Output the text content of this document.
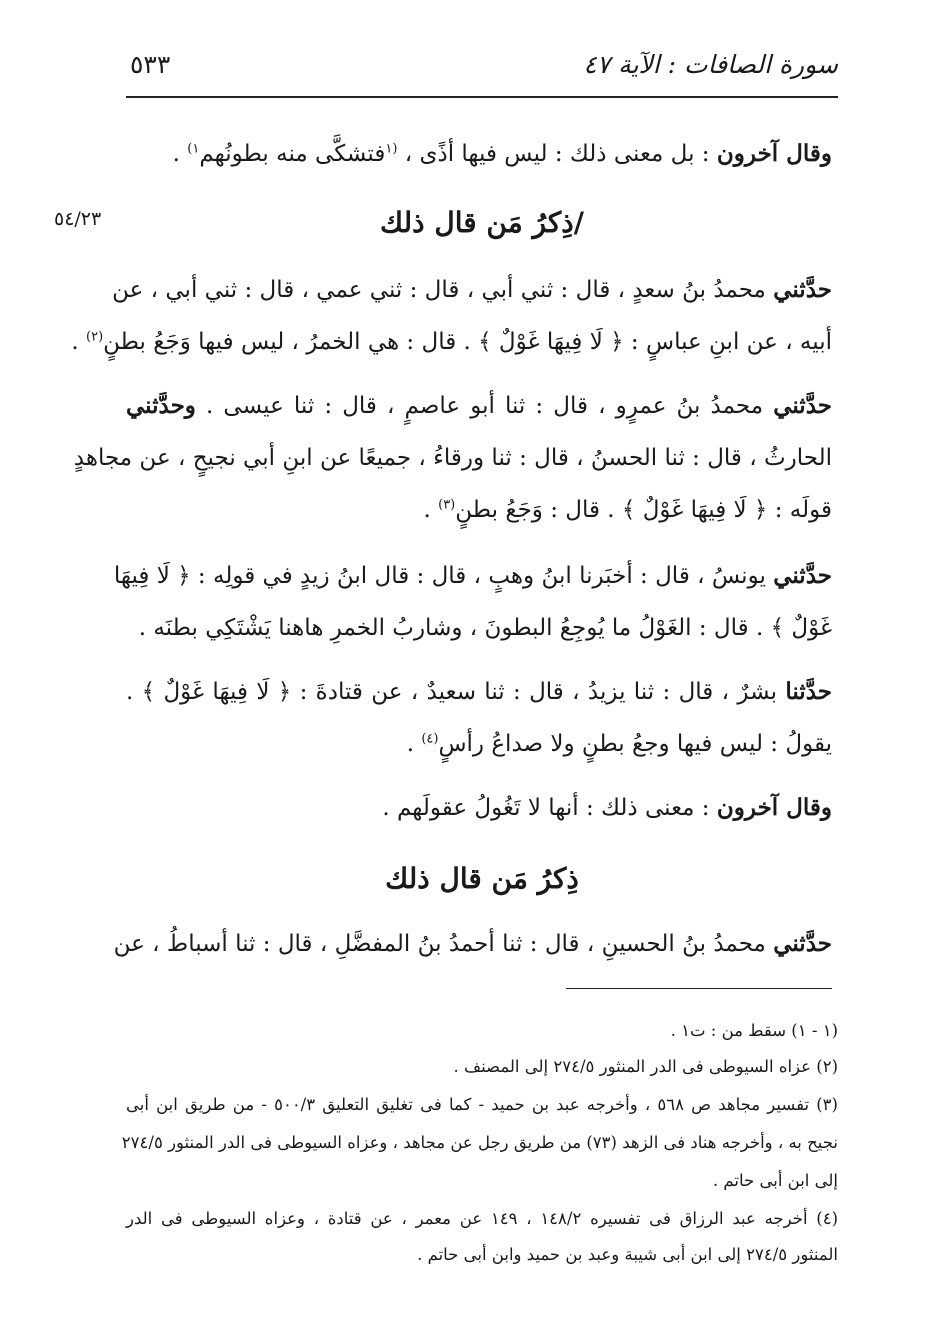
سورة الصافات : الآية ٤٧
٥٣٣
٥٤/٢٣
وقال آخرون : بل معنى ذلك : ليس فيها أذًى ، $^{(١}$فتشكَّى منه بطونُهم$^{١)}$ .
/ذِكرُ مَن قال ذلك
حدَّثني محمدُ بنُ سعدٍ ، قال : ثني أبي ، قال : ثني عمي ، قال : ثني أبي ، عن
أبيه ، عن ابنِ عباسٍ : ﴿ لَا فِيهَا غَوْلٌ ﴾ . قال : هي الخمرُ ، ليس فيها وَجَعُ بطنٍ$^{(٢)}$ .
حدَّثني محمدُ بنُ عمرٍو ، قال : ثنا أبو عاصمٍ ، قال : ثنا عيسى . وحدَّثني
الحارثُ ، قال : ثنا الحسنُ ، قال : ثنا ورقاءُ ، جميعًا عن ابنِ أبي نجيحٍ ، عن مجاهدٍ
قولَه : ﴿ لَا فِيهَا غَوْلٌ ﴾ . قال : وَجَعُ بطنٍ$^{(٣)}$ .
حدَّثني يونسُ ، قال : أخبَرنا ابنُ وهبٍ ، قال : قال ابنُ زيدٍ في قولِه : ﴿ لَا فِيهَا
غَوْلٌ ﴾ . قال : الغَوْلُ ما يُوجِعُ البطونَ ، وشاربُ الخمرِ هاهنا يَشْتَكِي بطنَه .
حدَّثنا بشرٌ ، قال : ثنا يزيدُ ، قال : ثنا سعيدٌ ، عن قتادةَ : ﴿ لَا فِيهَا غَوْلٌ ﴾ .
يقولُ : ليس فيها وجعُ بطنٍ ولا صداعُ رأسٍ$^{(٤)}$ .
وقال آخرون : معنى ذلك : أنها لا تَغُولُ عقولَهم .
ذِكرُ مَن قال ذلك
حدَّثني محمدُ بنُ الحسينِ ، قال : ثنا أحمدُ بنُ المفضَّلِ ، قال : ثنا أسباطُ ، عن
(١ - ١) سقط من : ت١ .
(٢) عزاه السيوطى فى الدر المنثور ٢٧٤/٥ إلى المصنف .
(٣) تفسير مجاهد ص ٥٦٨ ، وأخرجه عبد بن حميد - كما فى تغليق التعليق ٥٠٠/٣ - من طريق ابن أبى
نجيح به ، وأخرجه هناد فى الزهد (٧٣) من طريق رجل عن مجاهد ، وعزاه السيوطى فى الدر المنثور ٢٧٤/٥
إلى ابن أبى حاتم .
(٤) أخرجه عبد الرزاق فى تفسيره ١٤٨/٢ ، ١٤٩ عن معمر ، عن قتادة ، وعزاه السيوطى فى الدر
المنثور ٢٧٤/٥ إلى ابن أبى شيبة وعبد بن حميد وابن أبى حاتم .
